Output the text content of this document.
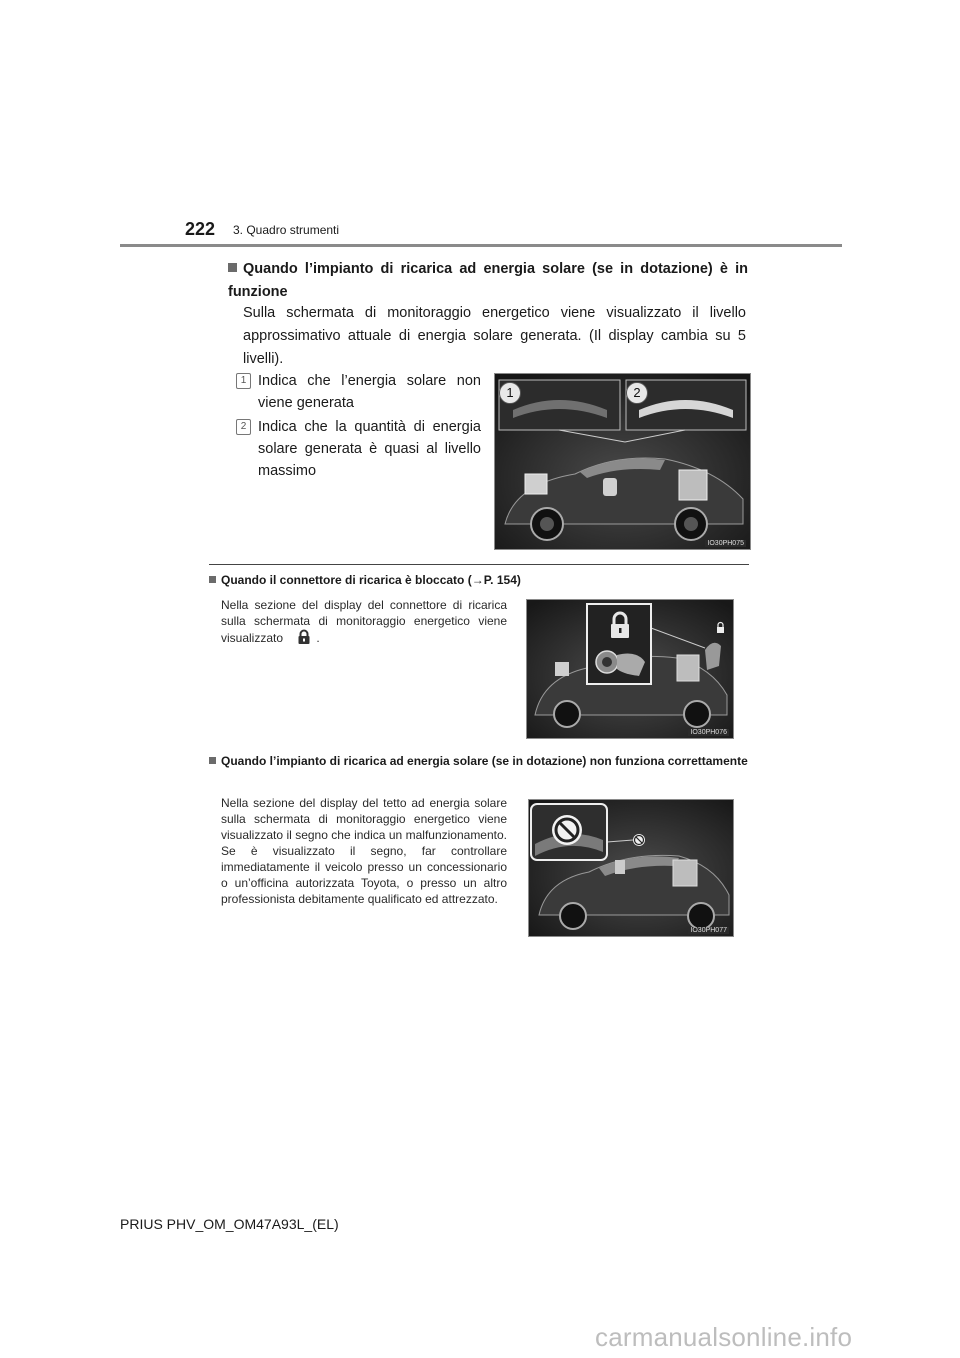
222 3. Quadro strumenti
Quando l’impianto di ricarica ad energia solare (se in dotazione) è in funzione
Sulla schermata di monitoraggio energetico viene visualizzato il livello approssimativo attuale di energia solare generata. (Il display cambia su 5 livelli).
1 Indica che l’energia solare non viene generata
2 Indica che la quantità di energia solare generata è quasi al livello massimo
1	2
IO30PH075
Quando il connettore di ricarica è bloccato (→P. 154)
Nella sezione del display del connettore di ricarica sulla schermata di monitoraggio energetico viene visualizzato	.
IO30PH076
Quando l’impianto di ricarica ad energia solare (se in dotazione) non funziona correttamente
Nella sezione del display del tetto ad energia solare sulla schermata di monitoraggio energetico viene visualizzato il segno che indica un malfunzionamento. Se è visualizzato il segno, far controllare immediatamente il veicolo presso un concessionario o un’officina autorizzata Toyota, o presso un altro professionista debitamente qualificato ed attrezzato.
IO30PH077
PRIUS PHV_OM_OM47A93L_(EL)
carmanualsonline.info
